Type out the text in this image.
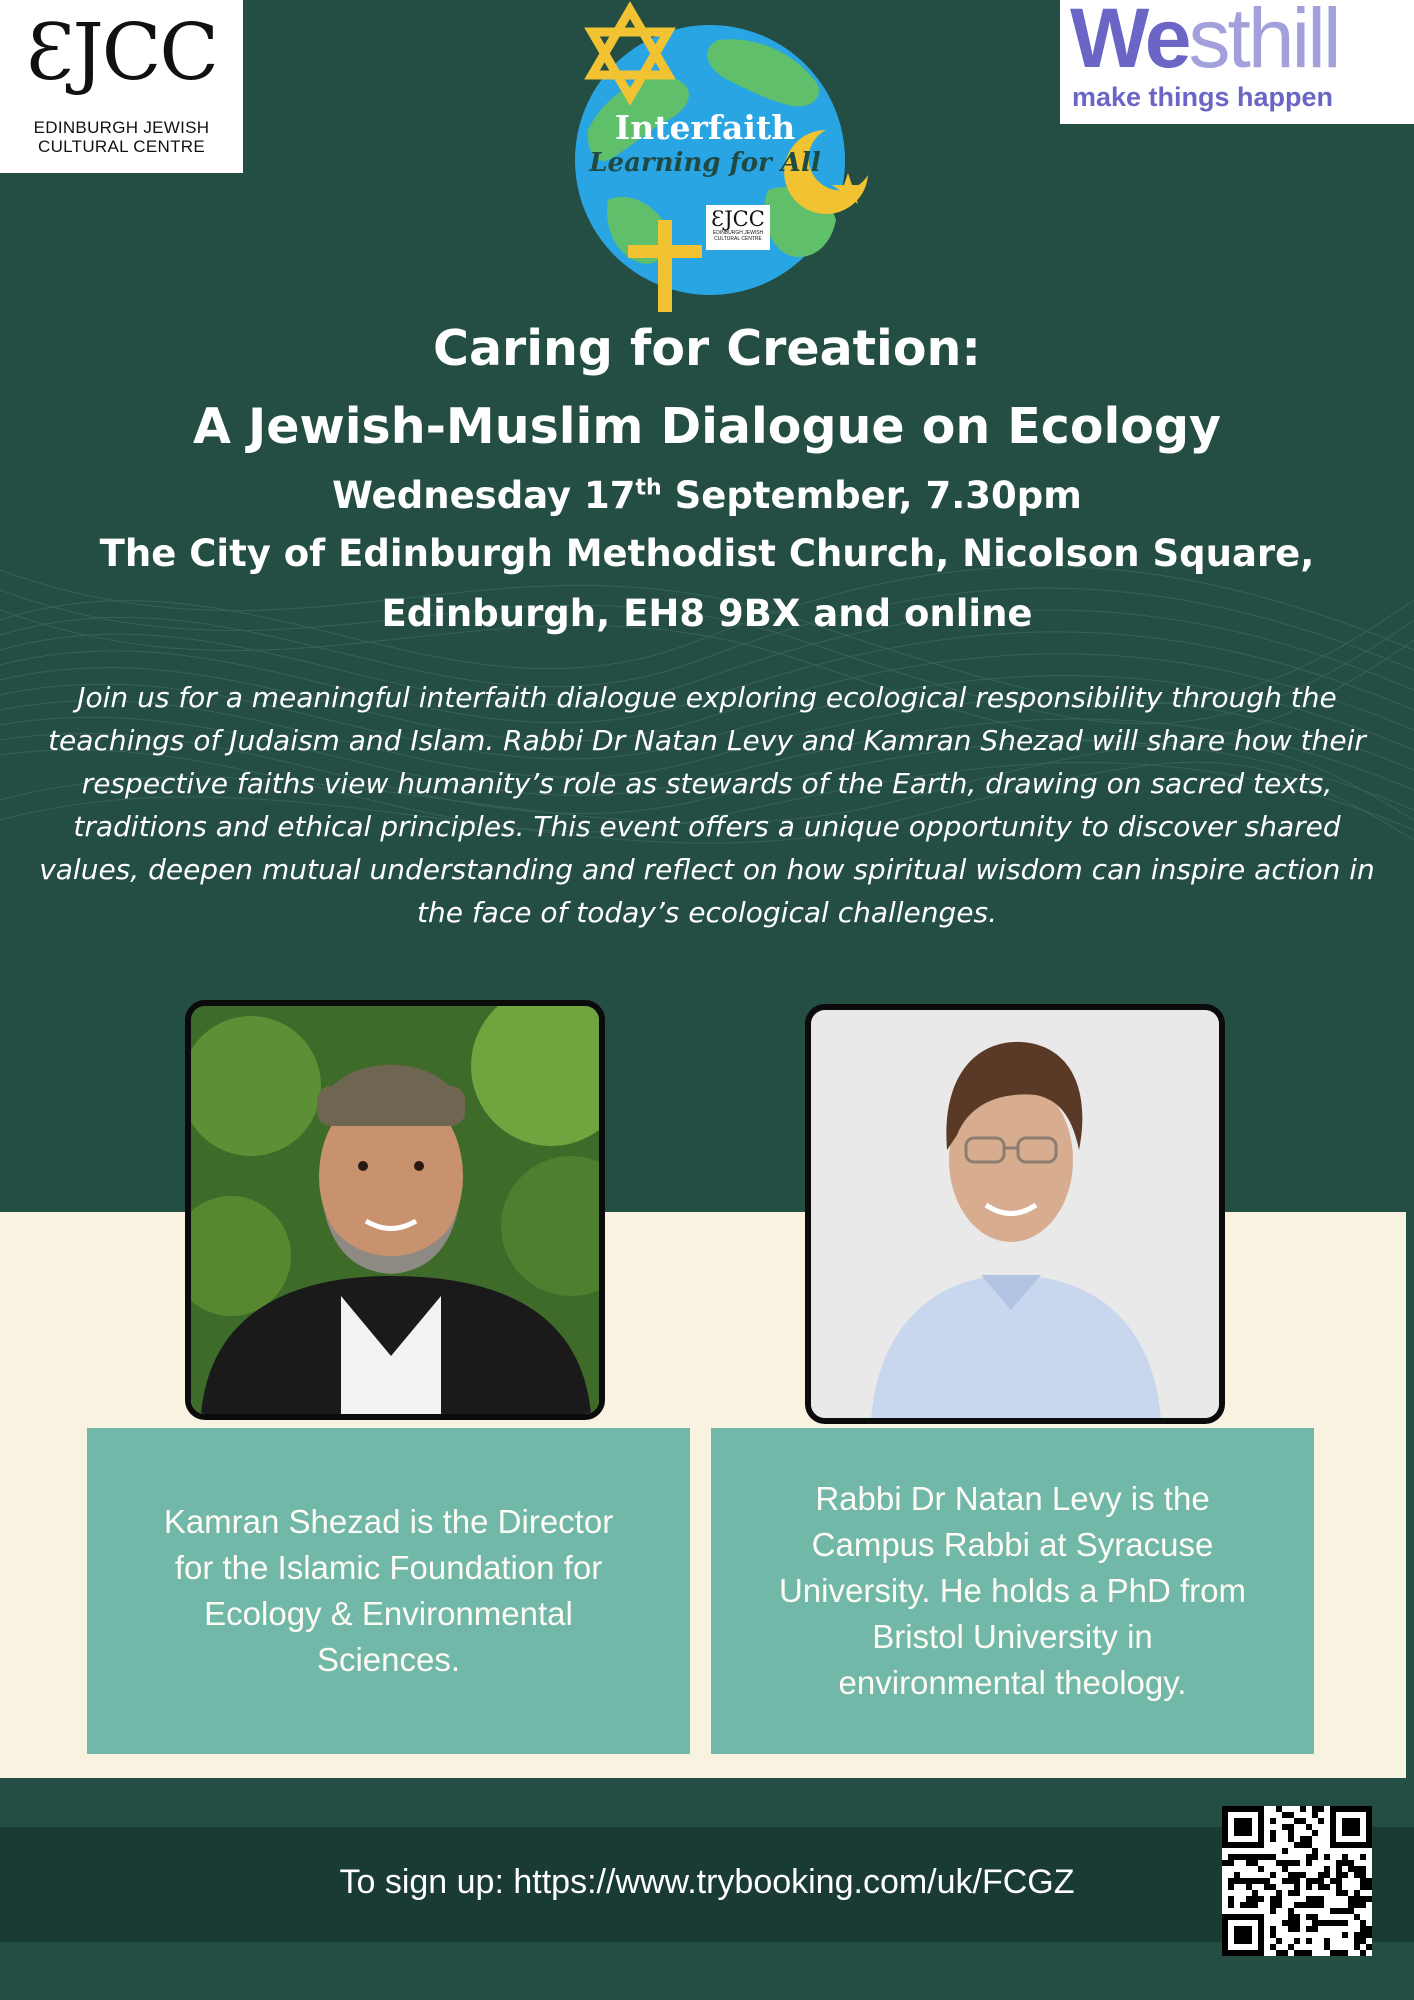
ƐJCC
EDINBURGH JEWISH
CULTURAL CENTRE
Westhill
make things happen
Interfaith
Learning for All
ƐJCC
EDINBURGH JEWISH
CULTURAL CENTRE
Caring for Creation:
A Jewish-Muslim Dialogue on Ecology
Wednesday 17th September, 7.30pm
The City of Edinburgh Methodist Church, Nicolson Square,
Edinburgh, EH8 9BX and online
Join us for a meaningful interfaith dialogue exploring ecological responsibility through the teachings of Judaism and Islam. Rabbi Dr Natan Levy and Kamran Shezad will share how their respective faiths view humanity’s role as stewards of the Earth, drawing on sacred texts, traditions and ethical principles. This event offers a unique opportunity to discover shared values, deepen mutual understanding and reflect on how spiritual wisdom can inspire action in the face of today’s ecological challenges.
Kamran Shezad is the Director for the Islamic Foundation for Ecology & Environmental Sciences.
Rabbi Dr Natan Levy is the Campus Rabbi at Syracuse University. He holds a PhD from Bristol University in environmental theology.
To sign up: https://www.trybooking.com/uk/FCGZ
